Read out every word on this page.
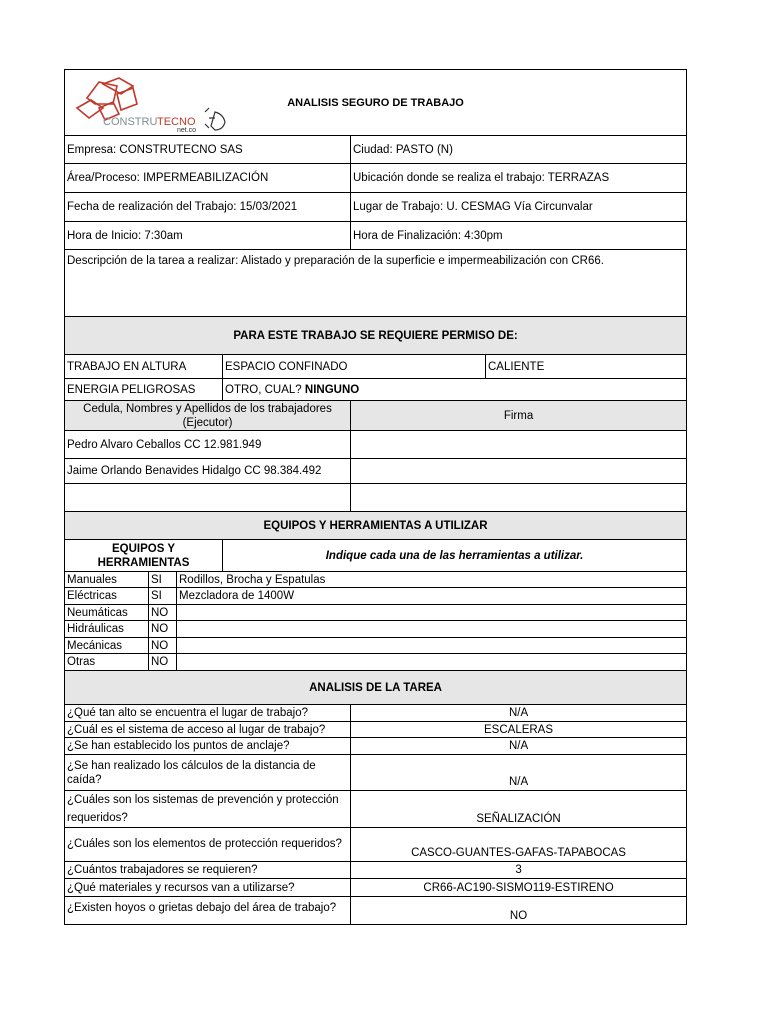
CONSTRU TECNO
net.co
ANALISIS SEGURO DE TRABAJO					

Empresa: CONSTRUTECNO SAS				Ciudad: PASTO (N)	
Área/Proceso: IMPERMEABILIZACIÓN				Ubicación donde se realiza el trabajo: TERRAZAS	
Fecha de realización del Trabajo: 15/03/2021				Lugar de Trabajo: U. CESMAG Vía Circunvalar	
Hora de Inicio: 7:30am				Hora de Finalización: 4:30pm	
Descripción de la tarea a realizar: Alistado y preparación de la superficie e impermeabilización con CR66.					
PARA ESTE TRABAJO SE REQUIERE PERMISO DE:					
TRABAJO EN ALTURA			ESPACIO CONFINADO		CALIENTE
ENERGIA PELIGROSAS			OTRO, CUAL? NINGUNO		
Cedula, Nombres y Apellidos de los trabajadores (Ejecutor)				Firma	
Pedro Alvaro Ceballos CC 12.981.949					
Jaime Orlando Benavides Hidalgo CC 98.384.492					

EQUIPOS Y HERRAMIENTAS A UTILIZAR					
EQUIPOS Y HERRAMIENTAS			Indique cada una de las herramientas a utilizar.		
Manuales	SI	Rodillos, Brocha y Espatulas			
Eléctricas	SI	Mezcladora de 1400W			
Neumáticas	NO				
Hidráulicas	NO				
Mecánicas	NO				
Otras	NO				
ANALISIS DE LA TAREA					
¿Qué tan alto se encuentra el lugar de trabajo?				N/A	
¿Cuál es el sistema de acceso al lugar de trabajo?				ESCALERAS	
¿Se han establecido los puntos de anclaje?				N/A	
¿Se han realizado los cálculos de la distancia de caída?				N/A	
¿Cuáles son los sistemas de prevención y protección requeridos?				SEÑALIZACIÓN	
¿Cuáles son los elementos de protección requeridos?				CASCO-GUANTES-GAFAS-TAPABOCAS	
¿Cuántos trabajadores se requieren?				3	
¿Qué materiales y recursos van a utilizarse?				CR66-AC190-SISMO119-ESTIRENO	
¿Existen hoyos o grietas debajo del área de trabajo?				NO	
